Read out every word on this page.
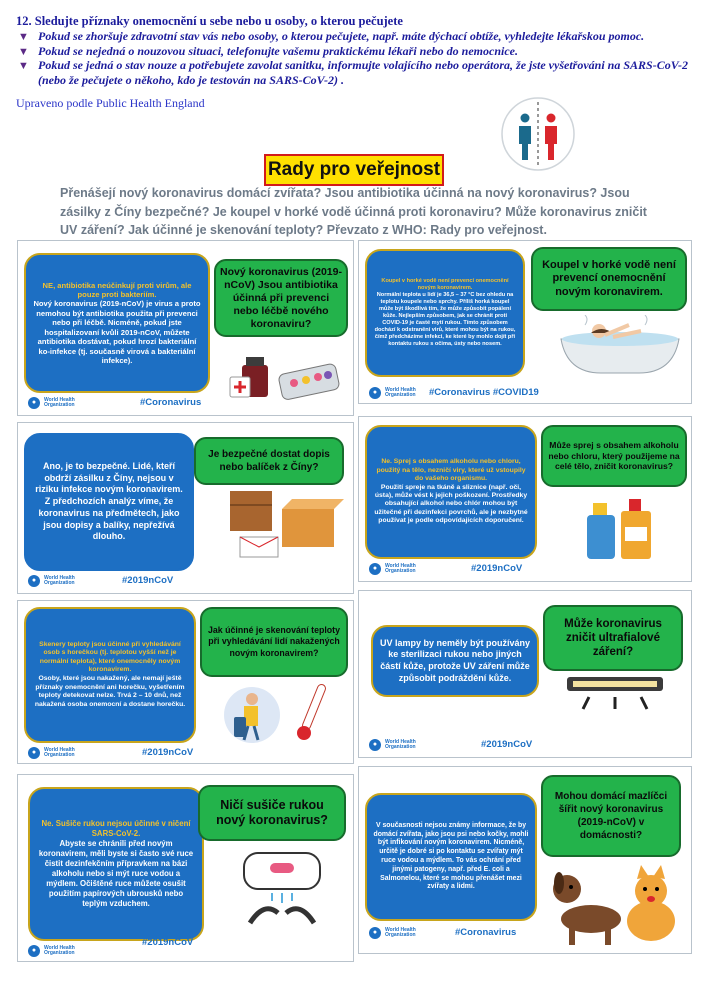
12. Sledujte příznaky onemocnění u sebe nebo u osoby, o kterou pečujete
▼ Pokud se zhoršuje zdravotní stav vás nebo osoby, o kterou pečujete, např. máte dýchací obtíže, vyhledejte lékařskou pomoc.
▼ Pokud se nejedná o nouzovou situaci, telefonujte vašemu praktickému lékaři nebo do nemocnice.
▼ Pokud se jedná o stav nouze a potřebujete zavolat sanitku, informujte volajícího nebo operátora, že jste vyšetřováni na SARS-CoV-2 (nebo že pečujete o někoho, kdo je testován na SARS-CoV-2) .
Upraveno podle Public Health England
Rady pro veřejnost
Přenášejí nový koronavirus domácí zvířata? Jsou antibiotika účinná na nový koronavirus? Jsou zásilky z Číny bezpečné? Je koupel v horké vodě účinná proti koronaviru? Může koronavirus zničit UV záření? Jak účinné je skenování teploty? Převzato z WHO: Rady pro veřejnost.
NE, antibiotika neúčinkují proti virům, ale pouze proti bakteriím.
Nový koronavirus (2019-nCoV) je virus a proto nemohou být antibiotika použita při prevenci nebo při léčbě. Nicméně, pokud jste hospitalizovaní kvůli 2019-nCoV, můžete antibiotika dostávat, pokud hrozí bakteriální ko-infekce (tj. současně virová a bakteriální infekce).
Nový koronavirus (2019-nCoV) Jsou antibiotika účinná při prevenci nebo léčbě nového koronaviru?
●	World Health
Organization	#Coronavirus
Koupel v horké vodě není prevencí onemocnění novým koronavirem.
Normální teplota u lidí je 36,5 – 37 °C bez ohledu na teplotu koupele nebo sprchy. Příliš horká koupel může být škodlivá tím, že může způsobit popálení kůže. Nejlepším způsobem, jak se chránit proti COVID-19 je časté mytí rukou. Tímto způsobem dochází k odstranění virů, které mohou být na rukou, čímž předcházíme infekci, ke které by mohlo dojít při kontaktu rukou s očima, ústy nebo nosem.
Koupel v horké vodě není prevencí onemocnění novým koronavirem.
●	World Health
Organization #Coronavirus #COVID19
Ano, je to bezpečné. Lidé, kteří obdrží zásilku z Číny, nejsou v riziku infekce novým koronavirem. Z předchozích analýz víme, že koronavirus na předmětech, jako jsou dopisy a balíky, nepřežívá dlouho.
Je bezpečné dostat dopis nebo balíček z Číny?
●	World Health
Organization	#2019nCoV
Ne. Sprej s obsahem alkoholu nebo chloru, použitý na tělo, nezničí viry, které už vstoupily do vašeho organismu.
Použití spreje na tkáně a sliznice (např. oči, ústa), může vést k jejich poškození. Prostředky obsahující alkohol nebo chlór mohou být užitečné při dezinfekci povrchů, ale je nezbytné používat je podle odpovídajících doporučení.
Může sprej s obsahem alkoholu nebo chloru, který použijeme na celé tělo, zničit koronavirus?
●	World Health
Organization	#2019nCoV
Skenery teploty jsou účinné při vyhledávání osob s horečkou (tj. teplotou vyšší než je normální teplota), které onemocněly novým koronavirem.
Osoby, které jsou nakažený, ale nemají ještě příznaky onemocnění ani horečku, vyšetřením teploty detekovat nelze. Trvá 2 – 10 dnů, než nakažená osoba onemocní a dostane horečku.
Jak účinné je skenování teploty při vyhledávání lidí nakažených novým koronavirem?
●	World Health
Organization	#2019nCoV
UV lampy by neměly být používány ke sterilizaci rukou nebo jiných částí kůže, protože UV záření může způsobit podráždění kůže.
Může koronavirus zničit ultrafialové záření?
●	World Health
Organization	#2019nCoV
Ne. Sušiče rukou nejsou účinné v ničení SARS-CoV-2.
Abyste se chránili před novým koronavirem, měli byste si často své ruce čistit dezinfekčním přípravkem na bázi alkoholu nebo si mýt ruce vodou a mýdlem. Očištěné ruce můžete osušit použitím papírových ubrousků nebo teplým vzduchem.
Ničí sušiče rukou nový koronavirus?
●	World Health
Organization
#2019nCoV
V současnosti nejsou známy informace, že by domácí zvířata, jako jsou psi nebo kočky, mohli být infikování novým koronavirem. Nicméně, určitě je dobré si po kontaktu se zvířaty mýt ruce vodou a mýdlem. To vás ochrání před jinými patogeny, např. před E. coli a Salmonelou, které se mohou přenášet mezi zvířaty a lidmi.
Mohou domácí mazlíčci šířit nový koronavirus (2019-nCoV) v domácnosti?
●	World Health
Organization	#Coronavirus
